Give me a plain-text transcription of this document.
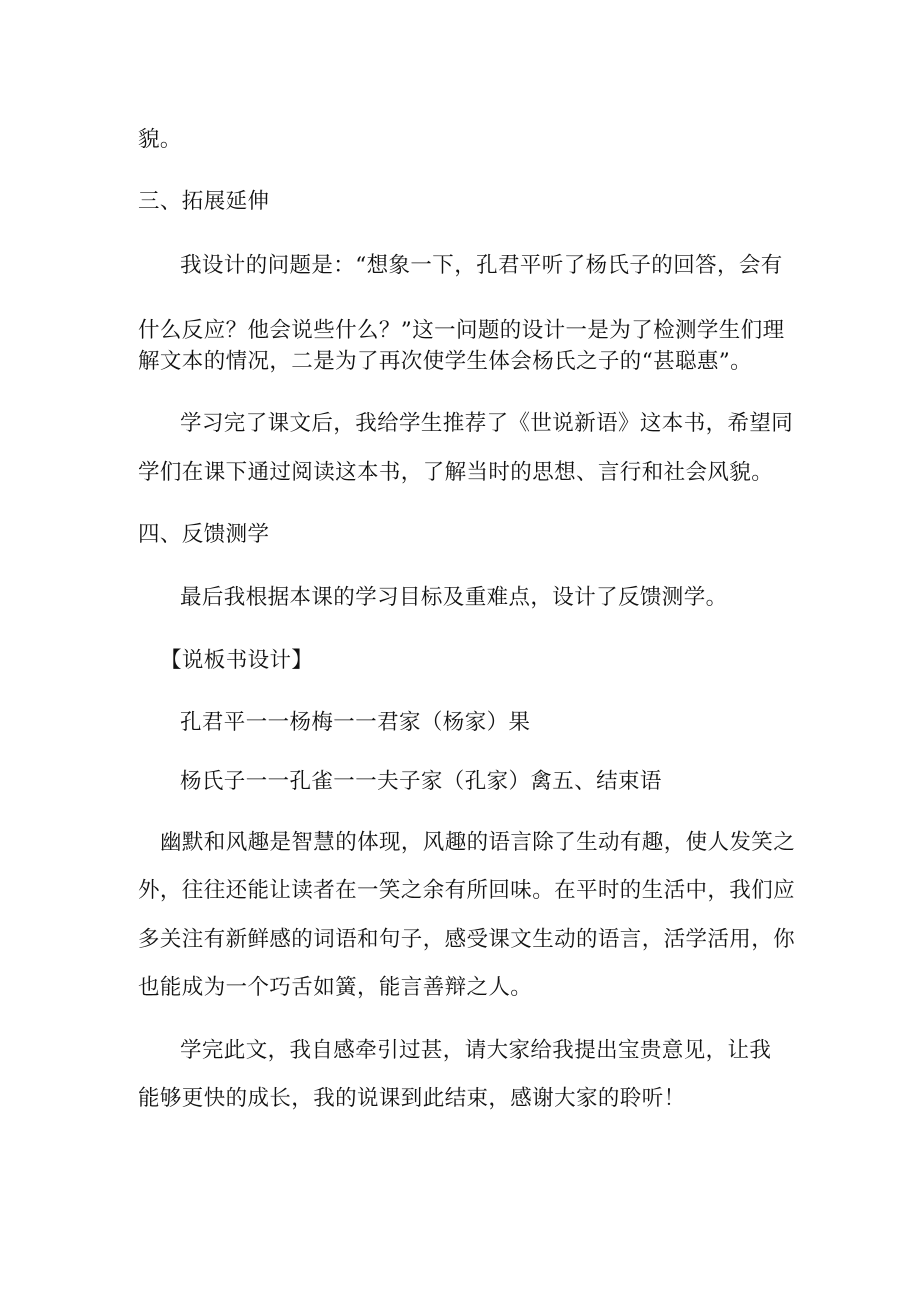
貌。
三、拓展延伸
我设计的问题是：“想象一下，孔君平听了杨氏子的回答，会有
什么反应？他会说些什么？”这一问题的设计一是为了检测学生们理
解文本的情况，二是为了再次使学生体会杨氏之子的“甚聪惠”。
学习完了课文后，我给学生推荐了《世说新语》这本书，希望同
学们在课下通过阅读这本书，了解当时的思想、言行和社会风貌。
四、反馈测学
最后我根据本课的学习目标及重难点，设计了反馈测学。
【说板书设计】
孔君平一一杨梅一一君家（杨家）果
杨氏子一一孔雀一一夫子家（孔家）禽五、结束语
幽默和风趣是智慧的体现，风趣的语言除了生动有趣，使人发笑之
外，往往还能让读者在一笑之余有所回味。在平时的生活中，我们应
多关注有新鲜感的词语和句子，感受课文生动的语言，活学活用，你
也能成为一个巧舌如簧，能言善辩之人。
学完此文，我自感牵引过甚，请大家给我提出宝贵意见，让我
能够更快的成长，我的说课到此结束，感谢大家的聆听！
